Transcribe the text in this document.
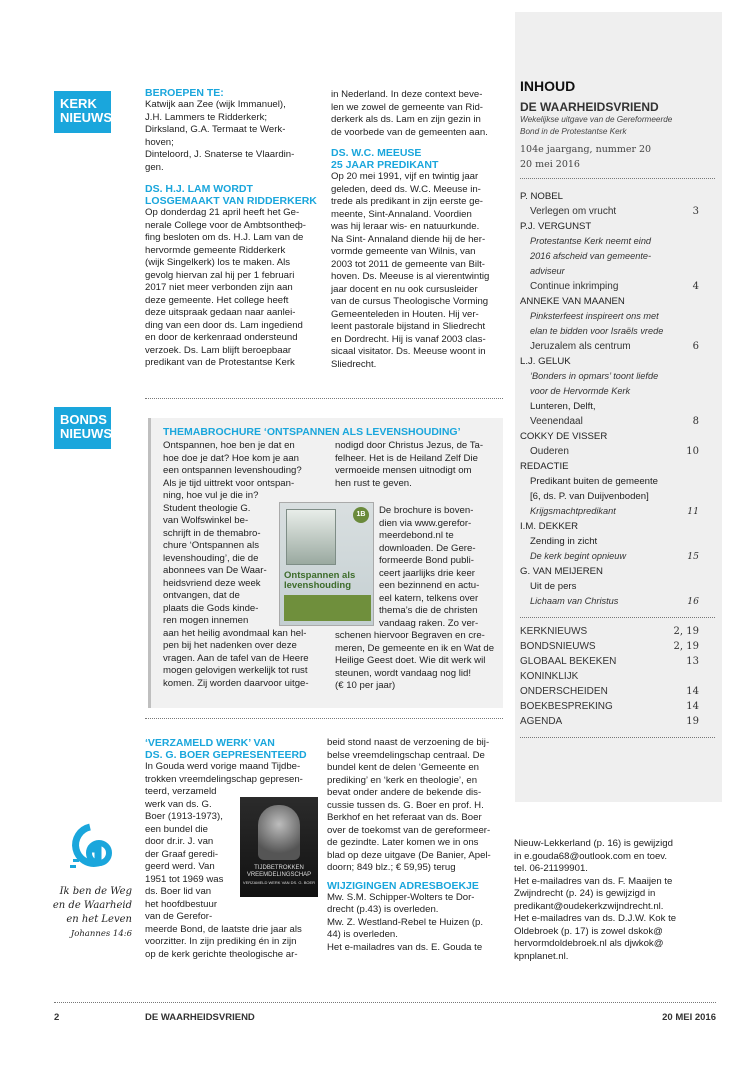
KERK
NIEUWS
BEROEPEN TE:
Katwijk aan Zee (wijk Immanuel),
J.H. Lammers te Ridderkerk;
Dirksland, G.A. Termaat te Werk-
hoven;
Dinteloord, J. Snaterse te Vlaardin-
gen.
DS. H.J. LAM WORDT
LOSGEMAAKT VAN RIDDERKERK
Op donderdag 21 april heeft het Ge-
nerale College voor de Ambtsontheф-
fing besloten om ds. H.J. Lam van de
hervormde gemeente Ridderkerk
(wijk Singelkerk) los te maken. Als
gevolg hiervan zal hij per 1 februari
2017 niet meer verbonden zijn aan
deze gemeente. Het college heeft
deze uitspraak gedaan naar aanlei-
ding van een door ds. Lam ingediend
en door de kerkenraad ondersteund
verzoek. Ds. Lam blijft beroepbaar
predikant van de Protestantse Kerk
in Nederland. In deze context beve-
len we zowel de gemeente van Rid-
derkerk als ds. Lam en zijn gezin in
de voorbede van de gemeenten aan.
DS. W.C. MEEUSE
25 JAAR PREDIKANT
Op 20 mei 1991, vijf en twintig jaar
geleden, deed ds. W.C. Meeuse in-
trede als predikant in zijn eerste ge-
meente, Sint-Annaland. Voordien
was hij leraar wis- en natuurkunde.
Na Sint- Annaland diende hij de her-
vormde gemeente van Wilnis, van
2003 tot 2011 de gemeente van Bilt-
hoven. Ds. Meeuse is al vierentwintig
jaar docent en nu ook cursusleider
van de cursus Theologische Vorming
Gemeenteleden in Houten. Hij ver-
leent pastorale bijstand in Sliedrecht
en Dordrecht. Hij is vanaf 2003 clas-
sicaal visitator. Ds. Meeuse woont in
Sliedrecht.
BONDS
NIEUWS	THEMABROCHURE ‘ONTSPANNEN ALS LEVENSHOUDING’
Ontspannen, hoe ben je dat en
hoe doe je dat? Hoe kom je aan
een ontspannen levenshouding?
Als je tijd uittrekt voor ontspan-
ning, hoe vul je die in?
Student theologie G.
van Wolfswinkel be-
schrijft in de themabro-
chure ‘Ontspannen als
levenshouding’, die de
abonnees van De Waar-
heidsvriend deze week
ontvangen, dat de
plaats die Gods kinde-
ren mogen innemen
aan het heilig avondmaal kan hel-
pen bij het nadenken over deze
vragen. Aan de tafel van de Heere
mogen gelovigen werkelijk tot rust
komen. Zij worden daarvoor uitge-
nodigd door Christus Jezus, de Ta-
felheer. Het is de Heiland Zelf Die
vermoeide mensen uitnodigt om
hen rust te geven.
De brochure is boven-
dien via www.gerefor-
meerdebond.nl te
downloaden. De Gere-
formeerde Bond publi-
ceert jaarlijks drie keer
een bezinnend en actu-
eel katern, telkens over
thema’s die de christen
vandaag raken. Zo ver-
schenen hiervoor Begraven en cre-
meren, De gemeente en ik en Wat de
Heilige Geest doet. Wie dit werk wil
steunen, wordt vandaag nog lid!
(€ 10 per jaar)
1B
Ontspannen als
levenshouding
‘VERZAMELD WERK’ VAN
DS. G. BOER GEPRESENTEERD
In Gouda werd vorige maand Tijdbe-
trokken vreemdelingschap gepresen-
teerd, verzameld
werk van ds. G.
Boer (1913-1973),
een bundel die
door dr.ir. J. van
der Graaf geredi-
geerd werd. Van
1951 tot 1969 was
ds. Boer lid van
het hoofdbestuur
van de Gerefor-
meerde Bond, de laatste drie jaar als
voorzitter. In zijn prediking én in zijn
op de kerk gerichte theologische ar-
TIJDBETROKKEN
VREEMDELINGSCHAP
VERZAMELD WERK VAN DS. G. BOER
beid stond naast de verzoening de bij-
belse vreemdelingschap centraal. De
bundel kent de delen ‘Gemeente en
prediking’ en ‘kerk en theologie’, en
bevat onder andere de bekende dis-
cussie tussen ds. G. Boer en prof. H.
Berkhof en het referaat van ds. Boer
over de toekomst van de gereformeer-
de gezindte. Later komen we in ons
blad op deze uitgave (De Banier, Apel-
doorn; 849 blz.; € 59,95) terug
WIJZIGINGEN ADRESBOEKJE
Mw. S.M. Schipper-Wolters te Dor-
drecht (p.43) is overleden.
Mw. Z. Westland-Rebel te Huizen (p.
44) is overleden.
Het e-mailadres van ds. E. Gouda te
Nieuw-Lekkerland (p. 16) is gewijzigd
in e.gouda68@outlook.com en toev.
tel. 06-21199901.
Het e-mailadres van ds. F. Maaijen te
Zwijndrecht (p. 24) is gewijzigd in
predikant@oudekerkzwijndrecht.nl.
Het e-mailadres van ds. D.J.W. Kok te
Oldebroek (p. 17) is zowel dskok@
hervormdoldebroek.nl als djwkok@
kpnplanet.nl.
Ik ben de Weg
en de Waarheid
en het Leven
Johannes 14:6
INHOUD
DE WAARHEIDSVRIEND
Wekelijkse uitgave van de Gereformeerde
Bond in de Protestantse Kerk
104e jaargang, nummer 20
20 mei 2016
P. NOBEL
Verlegen om vrucht	3
P.J. VERGUNST
Protestantse Kerk neemt eind
2016 afscheid van gemeente-
adviseur
Continue inkrimping	4
ANNEKE VAN MAANEN
Pinksterfeest inspireert ons met
elan te bidden voor Israëls vrede
Jeruzalem als centrum	6
L.J. GELUK
‘Bonders in opmars’ toont liefde
voor de Hervormde Kerk
Lunteren, Delft,
Veenendaal	8
COKKY DE VISSER
Ouderen	10
REDACTIE
Predikant buiten de gemeente
[6, ds. P. van Duijvenboden]
Krijgsmachtpredikant	11
I.M. DEKKER
Zending in zicht
De kerk begint opnieuw	15
G. VAN MEIJEREN
Uit de pers
Lichaam van Christus	16
KERKNIEUWS	2, 19
BONDSNIEUWS	2, 19
GLOBAAL BEKEKEN	13
KONINKLIJK
ONDERSCHEIDEN	14
BOEKBESPREKING	14
AGENDA	19
2	DE WAARHEIDSVRIEND	20 MEI 2016
